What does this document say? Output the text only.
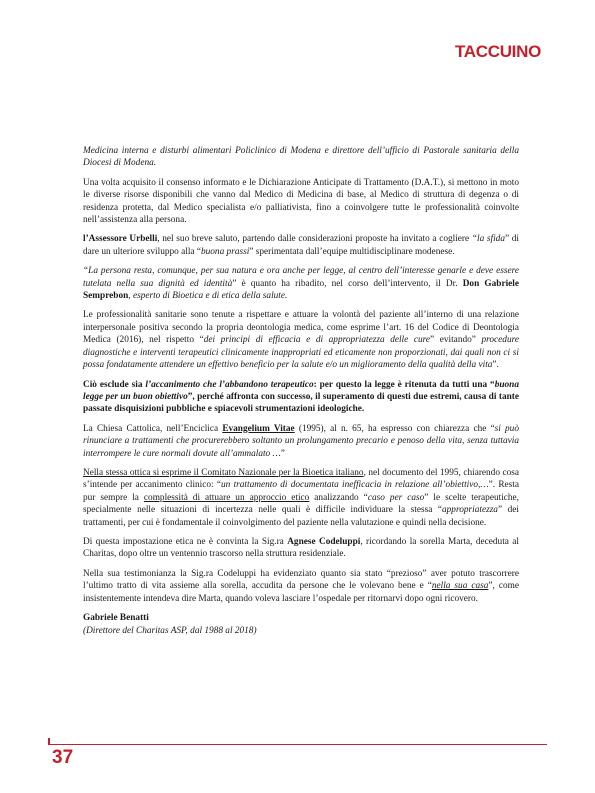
TACCUINO

Medicina interna e disturbi alimentari Policlinico di Modena e direttore dell’ufficio di Pastorale sanitaria della Diocesi di Modena.

Una volta acquisito il consenso informato e le Dichiarazione Anticipate di Trattamento (D.A.T.), si mettono in moto le diverse risorse disponibili che vanno dal Medico di Medicina di base, al Medico di struttura di degenza o di residenza protetta, dal Medico specialista e/o palliativista, fino a coinvolgere tutte le professionalità coinvolte nell’assistenza alla persona.

l’Assessore Urbelli, nel suo breve saluto, partendo dalle considerazioni proposte ha invitato a cogliere “la sfida” di dare un ulteriore sviluppo alla “buona prassi” sperimentata dall’equipe multidisciplinare modenese.

“La persona resta, comunque, per sua natura e ora anche per legge, al centro dell’interesse genarle e deve essere tutelata nella sua dignità ed identità” è quanto ha ribadito, nel corso dell’intervento, il Dr. Don Gabriele Semprebon, esperto di Bioetica e di etica della salute.

Le professionalità sanitarie sono tenute a rispettare e attuare la volontà del paziente all’interno di una relazione interpersonale positiva secondo la propria deontologia medica, come esprime l’art. 16 del Codice di Deontologia Medica (2016), nel rispetto “dei principi di efficacia e di appropriatezza delle cure” evitando” procedure diagnostiche e interventi terapeutici clinicamente inappropriati ed eticamente non proporzionati, dai quali non ci si possa fondatamente attendere un effettivo beneficio per la salute e/o un miglioramento della qualità della vita”.

Ciò esclude sia l’accanimento che l’abbandono terapeutico: per questo la legge è ritenuta da tutti una “buona legge per un buon obiettivo”, perché affronta con successo, il superamento di questi due estremi, causa di tante passate disquisizioni pubbliche e spiacevoli strumentazioni ideologiche.

La Chiesa Cattolica, nell’Enciclica Evangelium Vitae (1995), al n. 65, ha espresso con chiarezza che “si può rinunciare a trattamenti che procurerebbero soltanto un prolungamento precario e penoso della vita, senza tuttavia interrompere le cure normali dovute all’ammalato …”

Nella stessa ottica si esprime il Comitato Nazionale per la Bioetica italiano, nel documento del 1995, chiarendo cosa s’intende per accanimento clinico: “un trattamento di documentata inefficacia in relazione all’obiettivo,…”. Resta pur sempre la complessità di attuare un approccio etico analizzando “caso per caso” le scelte terapeutiche, specialmente nelle situazioni di incertezza nelle quali è difficile individuare la stessa “appropriatezza” dei trattamenti, per cui è fondamentale il coinvolgimento del paziente nella valutazione e quindi nella decisione.

Di questa impostazione etica ne è convinta la Sig.ra Agnese Codeluppi, ricordando la sorella Marta, deceduta al Charitas, dopo oltre un ventennio trascorso nella struttura residenziale.

Nella sua testimonianza la Sig.ra Codeluppi ha evidenziato quanto sia stato “prezioso” aver potuto trascorrere l’ultimo tratto di vita assieme alla sorella, accudita da persone che le volevano bene e “nella sua casa”, come insistentemente intendeva dire Marta, quando voleva lasciare l’ospedale per ritornarvi dopo ogni ricovero.

Gabriele Benatti

(Direttore del Charitas ASP, dal 1988 al 2018)

37
